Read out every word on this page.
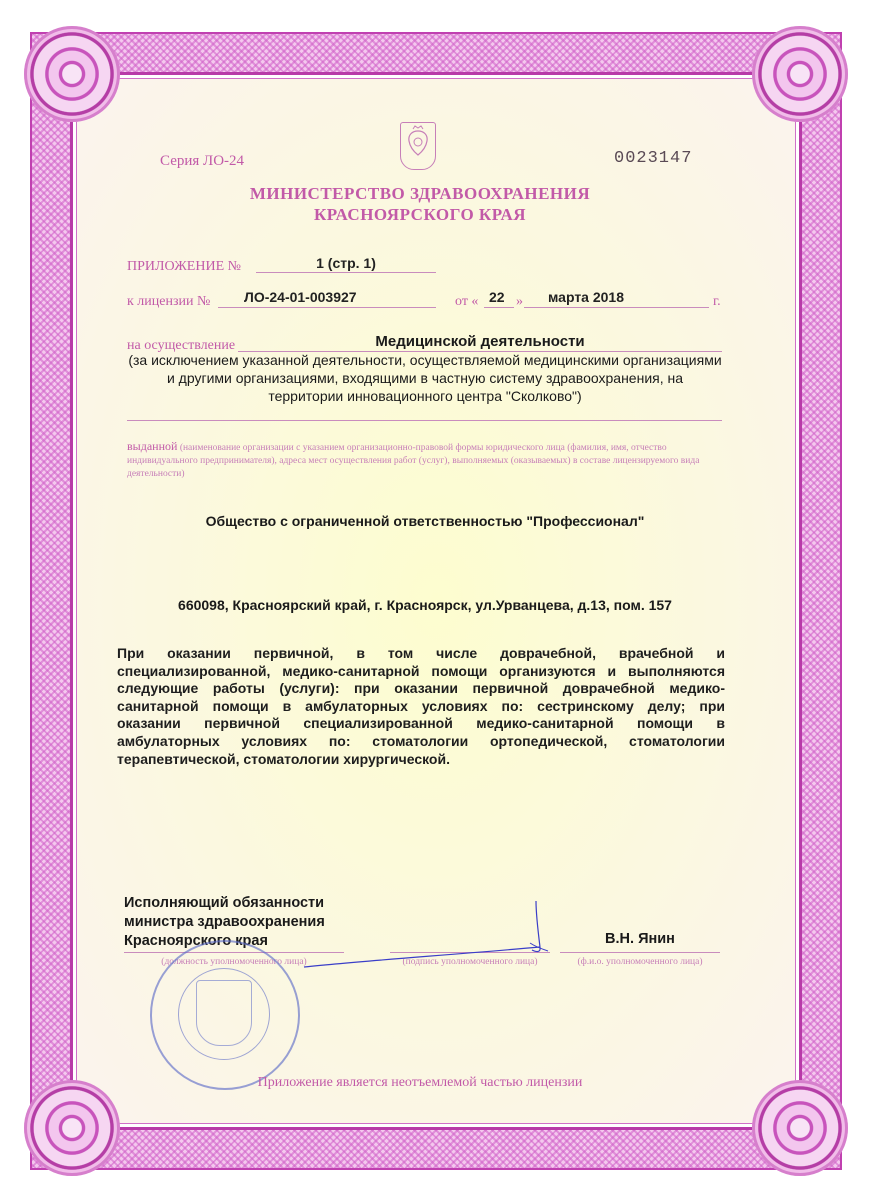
Серия ЛО-24	0023147
МИНИСТЕРСТВО ЗДРАВООХРАНЕНИЯ
КРАСНОЯРСКОГО КРАЯ
ПРИЛОЖЕНИЕ №	1 (стр. 1)
к лицензии № ЛО-24-01-003927	от « 22 » марта 2018	г.
на осуществление	Медицинской деятельности
(за исключением указанной деятельности, осуществляемой медицинскими организациями
и другими организациями, входящими в частную систему здравоохранения, на
территории инновационного центра "Сколково")
выданной (наименование организации с указанием организационно-правовой формы юридического лица (фамилия, имя, отчество
индивидуального предпринимателя), адреса мест осуществления работ (услуг), выполняемых (оказываемых) в составе лицензируемого вида
деятельности)
Общество с ограниченной ответственностью "Профессионал"
660098, Красноярский край, г. Красноярск, ул.Урванцева, д.13, пом. 157
При оказании первичной, в том числе доврачебной, врачебной и
специализированной, медико-санитарной помощи организуются и выполняются
следующие работы (услуги): при оказании первичной доврачебной медико-
санитарной помощи в амбулаторных условиях по: сестринскому делу; при
оказании первичной специализированной медико-санитарной помощи в
амбулаторных условиях по: стоматологии ортопедической, стоматологии
терапевтической, стоматологии хирургической.
Исполняющий обязанности
министра здравоохранения
Красноярского края
(должность уполномоченного лица)	(подпись уполномоченного лица)
В.Н. Янин
(ф.и.о. уполномоченного лица)
Приложение является неотъемлемой частью лицензии
